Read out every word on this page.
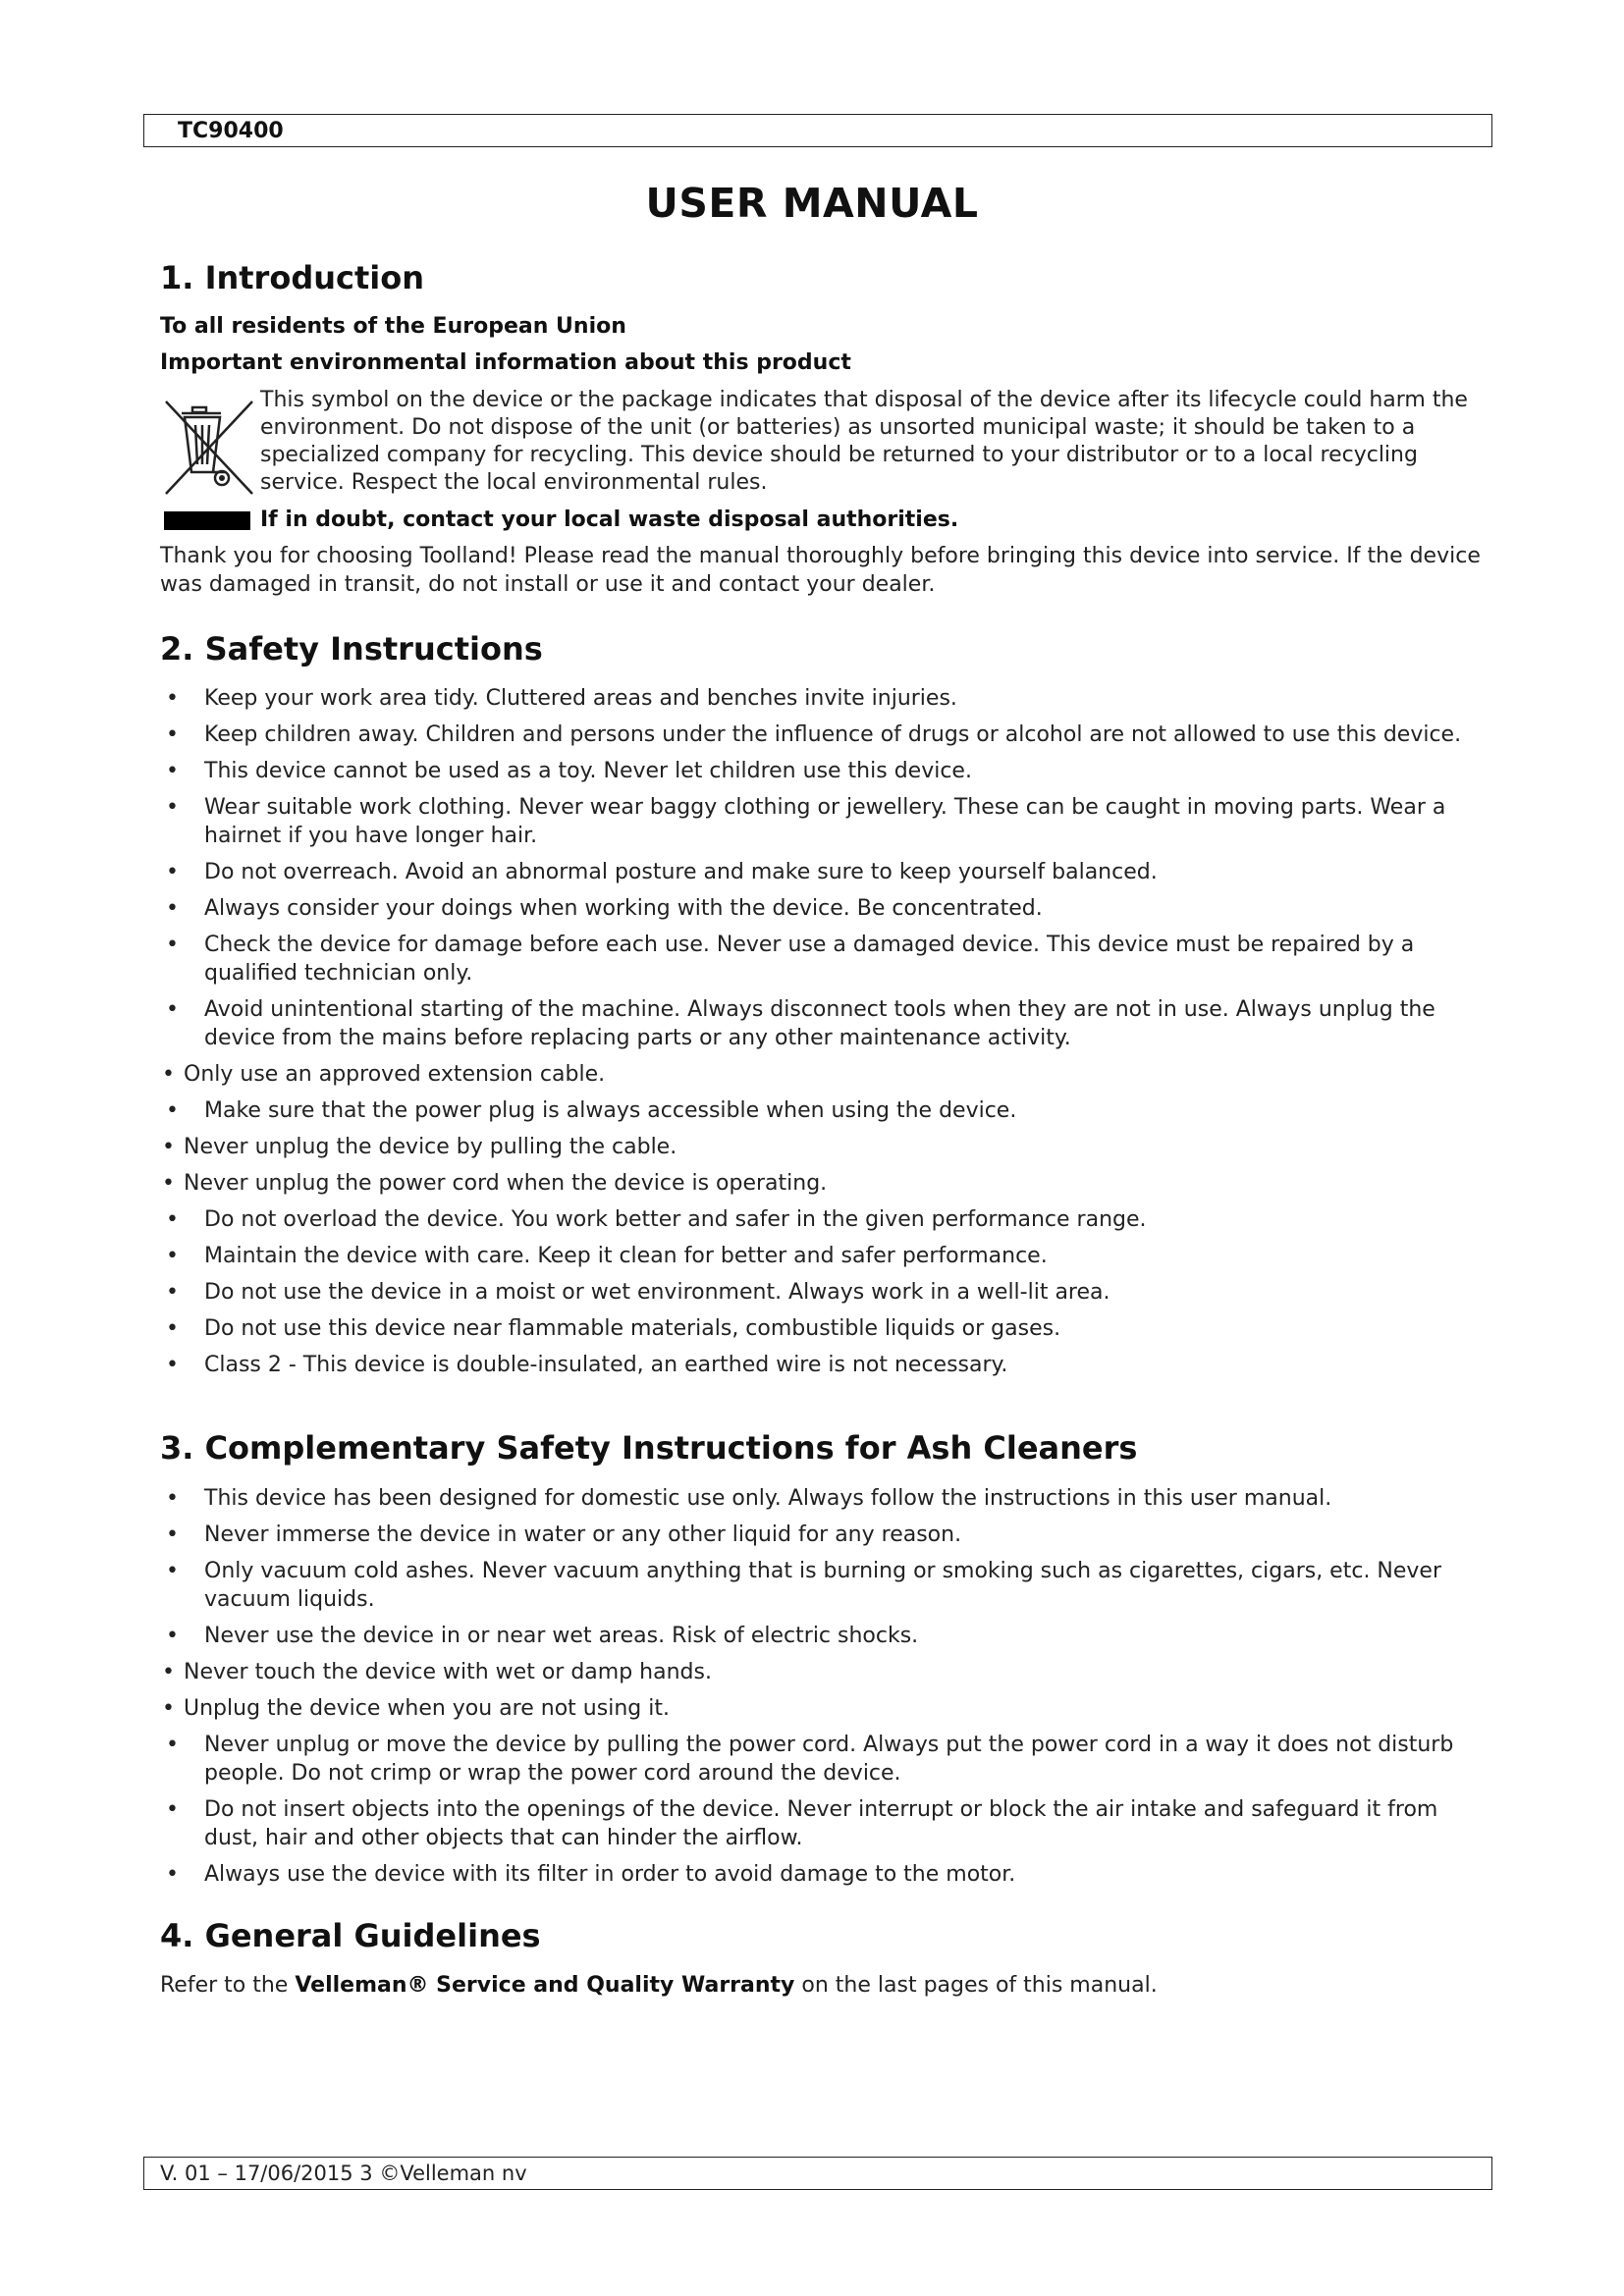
TC90400
USER MANUAL
1. Introduction
To all residents of the European Union
Important environmental information about this product
This symbol on the device or the package indicates that disposal of the device after its lifecycle could harm the environment. Do not dispose of the unit (or batteries) as unsorted municipal waste; it should be taken to a specialized company for recycling. This device should be returned to your distributor or to a local recycling service. Respect the local environmental rules.
If in doubt, contact your local waste disposal authorities.
Thank you for choosing Toolland! Please read the manual thoroughly before bringing this device into service. If the device was damaged in transit, do not install or use it and contact your dealer.
2. Safety Instructions
• Keep your work area tidy. Cluttered areas and benches invite injuries.
• Keep children away. Children and persons under the influence of drugs or alcohol are not allowed to use this device.
• This device cannot be used as a toy. Never let children use this device.
• Wear suitable work clothing. Never wear baggy clothing or jewellery. These can be caught in moving parts. Wear a hairnet if you have longer hair.
• Do not overreach. Avoid an abnormal posture and make sure to keep yourself balanced.
• Always consider your doings when working with the device. Be concentrated.
• Check the device for damage before each use. Never use a damaged device. This device must be repaired by a qualified technician only.
• Avoid unintentional starting of the machine. Always disconnect tools when they are not in use. Always unplug the device from the mains before replacing parts or any other maintenance activity.
• Only use an approved extension cable.
• Make sure that the power plug is always accessible when using the device.
• Never unplug the device by pulling the cable.
• Never unplug the power cord when the device is operating.
• Do not overload the device. You work better and safer in the given performance range.
• Maintain the device with care. Keep it clean for better and safer performance.
• Do not use the device in a moist or wet environment. Always work in a well-lit area.
• Do not use this device near flammable materials, combustible liquids or gases.
• Class 2 - This device is double-insulated, an earthed wire is not necessary.
3. Complementary Safety Instructions for Ash Cleaners
• This device has been designed for domestic use only. Always follow the instructions in this user manual.
• Never immerse the device in water or any other liquid for any reason.
• Only vacuum cold ashes. Never vacuum anything that is burning or smoking such as cigarettes, cigars, etc. Never vacuum liquids.
• Never use the device in or near wet areas. Risk of electric shocks.
• Never touch the device with wet or damp hands.
• Unplug the device when you are not using it.
• Never unplug or move the device by pulling the power cord. Always put the power cord in a way it does not disturb people. Do not crimp or wrap the power cord around the device.
• Do not insert objects into the openings of the device. Never interrupt or block the air intake and safeguard it from dust, hair and other objects that can hinder the airflow.
• Always use the device with its filter in order to avoid damage to the motor.
4. General Guidelines
Refer to the Velleman® Service and Quality Warranty on the last pages of this manual.
V. 01 – 17/06/2015 3 ©Velleman nv
